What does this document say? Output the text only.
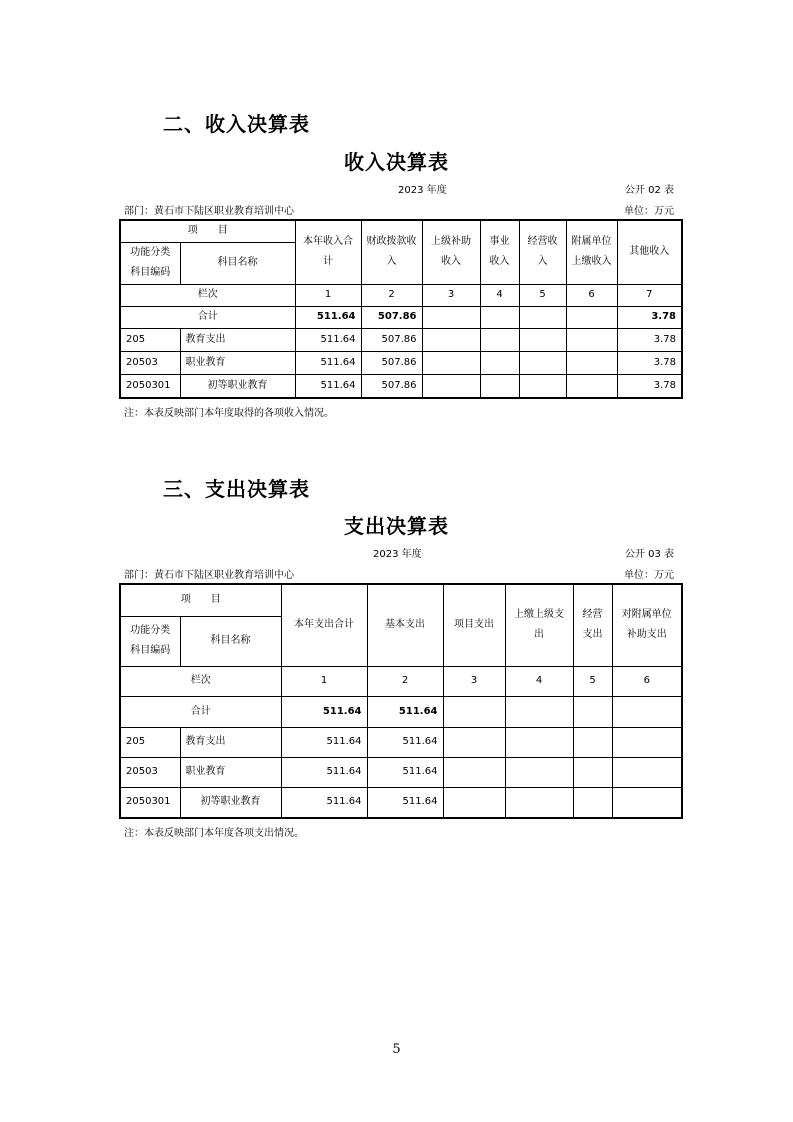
二、收入决算表
收入决算表
2023 年度	公开 02 表
部门：黄石市下陆区职业教育培训中心	单位：万元
项　　目		本年收入合计	财政拨款收入	上级补助收入	事业收入	经营收入	附属单位上缴收入	其他收入
功能分类科目编码	科目名称							
栏次		1	2	3	4	5	6	7
合计		511.64	507.86					3.78
205	教育支出	511.64	507.86					3.78
20503	职业教育	511.64	507.86					3.78
2050301	初等职业教育	511.64	507.86					3.78
注：本表反映部门本年度取得的各项收入情况。
三、支出决算表
支出决算表
2023 年度	公开 03 表
部门：黄石市下陆区职业教育培训中心	单位：万元
项　　目		本年支出合计	基本支出	项目支出	上缴上级支出	经营支出	对附属单位补助支出
功能分类科目编码	科目名称						
栏次		1	2	3	4	5	6
合计		511.64	511.64				
205	教育支出	511.64	511.64				
20503	职业教育	511.64	511.64				
2050301	初等职业教育	511.64	511.64				
注：本表反映部门本年度各项支出情况。
5
